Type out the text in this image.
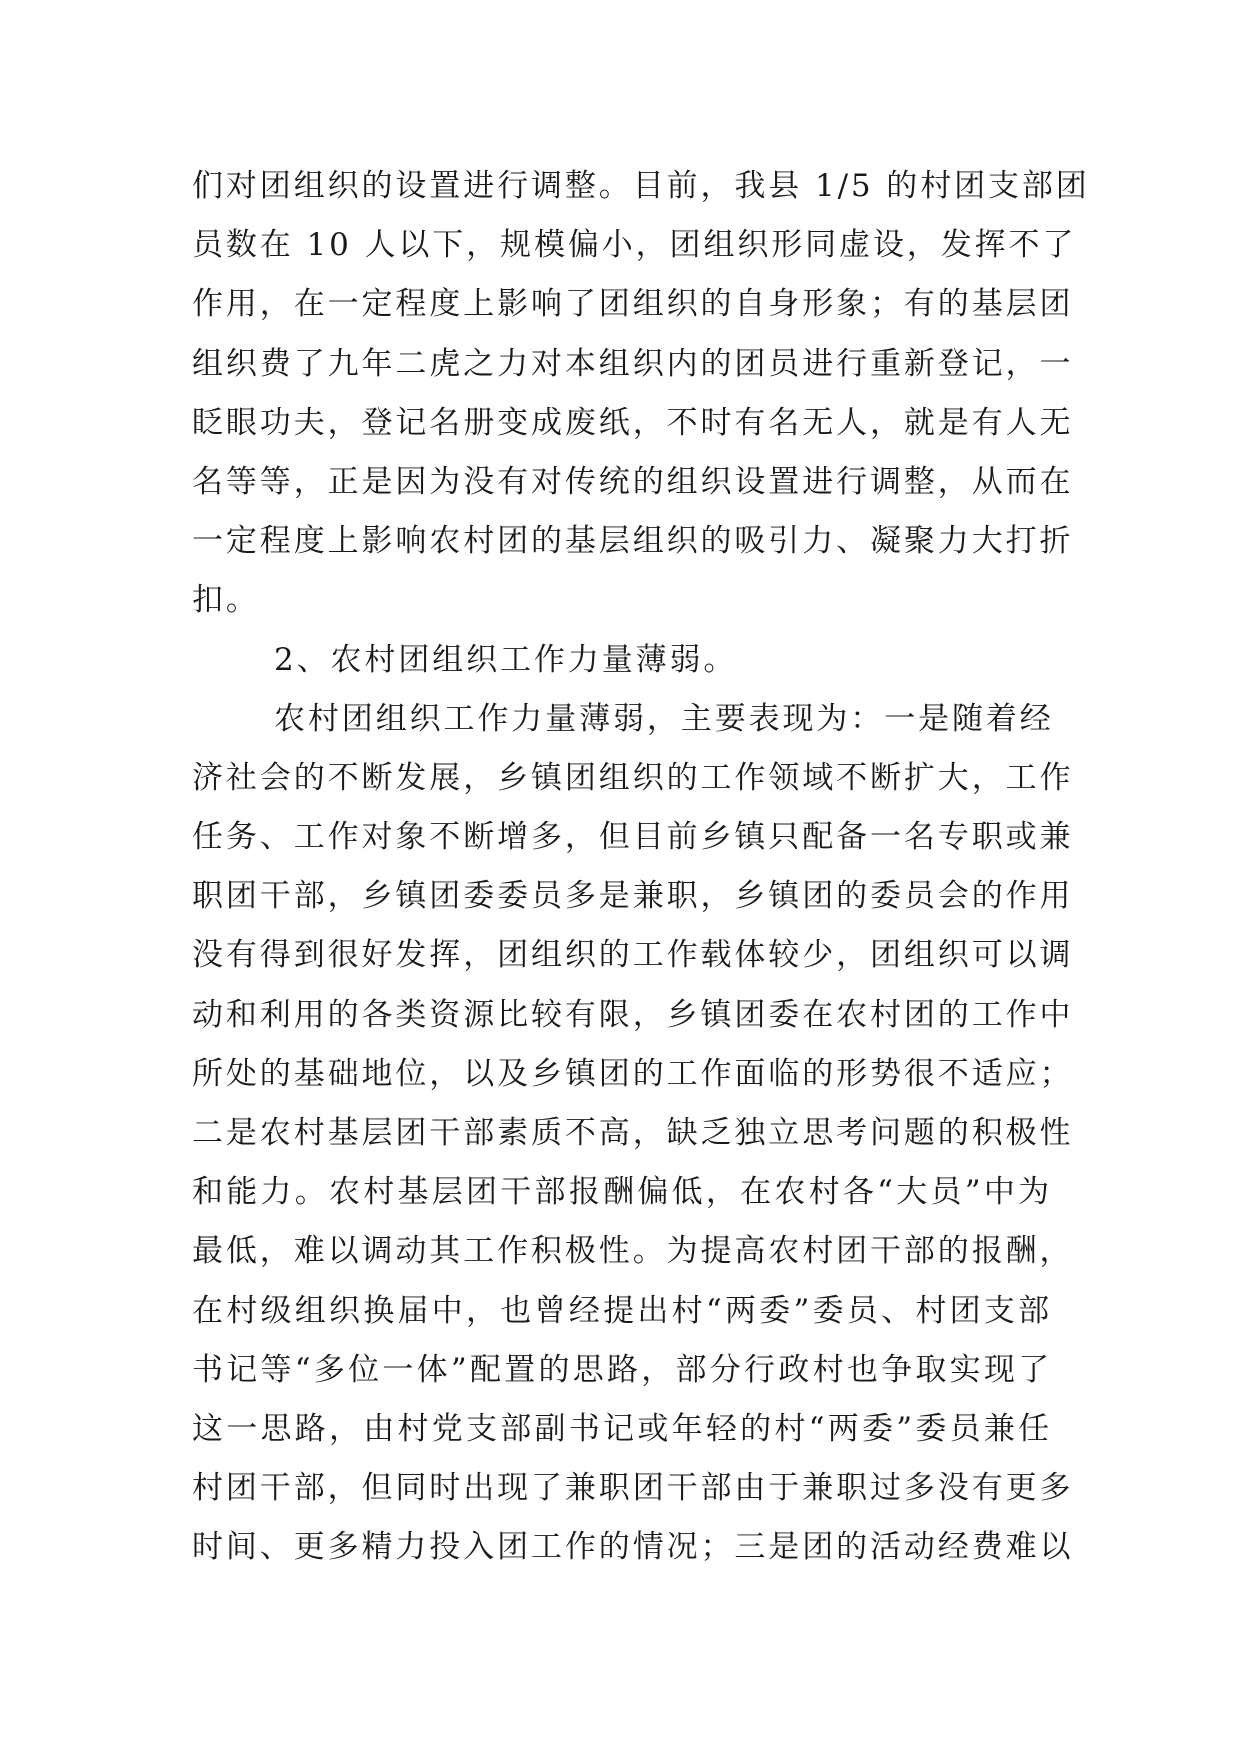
们对团组织的设置进行调整。目前，我县 1/5 的村团支部团
员数在 10 人以下，规模偏小，团组织形同虚设，发挥不了
作用，在一定程度上影响了团组织的自身形象；有的基层团
组织费了九年二虎之力对本组织内的团员进行重新登记，一
眨眼功夫，登记名册变成废纸，不时有名无人，就是有人无
名等等，正是因为没有对传统的组织设置进行调整，从而在
一定程度上影响农村团的基层组织的吸引力、凝聚力大打折
扣。
2、农村团组织工作力量薄弱。
农村团组织工作力量薄弱，主要表现为：一是随着经
济社会的不断发展，乡镇团组织的工作领域不断扩大，工作
任务、工作对象不断增多，但目前乡镇只配备一名专职或兼
职团干部，乡镇团委委员多是兼职，乡镇团的委员会的作用
没有得到很好发挥，团组织的工作载体较少，团组织可以调
动和利用的各类资源比较有限，乡镇团委在农村团的工作中
所处的基础地位，以及乡镇团的工作面临的形势很不适应；
二是农村基层团干部素质不高，缺乏独立思考问题的积极性
和能力。农村基层团干部报酬偏低，在农村各“大员”中为
最低，难以调动其工作积极性。为提高农村团干部的报酬，
在村级组织换届中，也曾经提出村“两委”委员、村团支部
书记等“多位一体”配置的思路，部分行政村也争取实现了
这一思路，由村党支部副书记或年轻的村“两委”委员兼任
村团干部，但同时出现了兼职团干部由于兼职过多没有更多
时间、更多精力投入团工作的情况；三是团的活动经费难以
